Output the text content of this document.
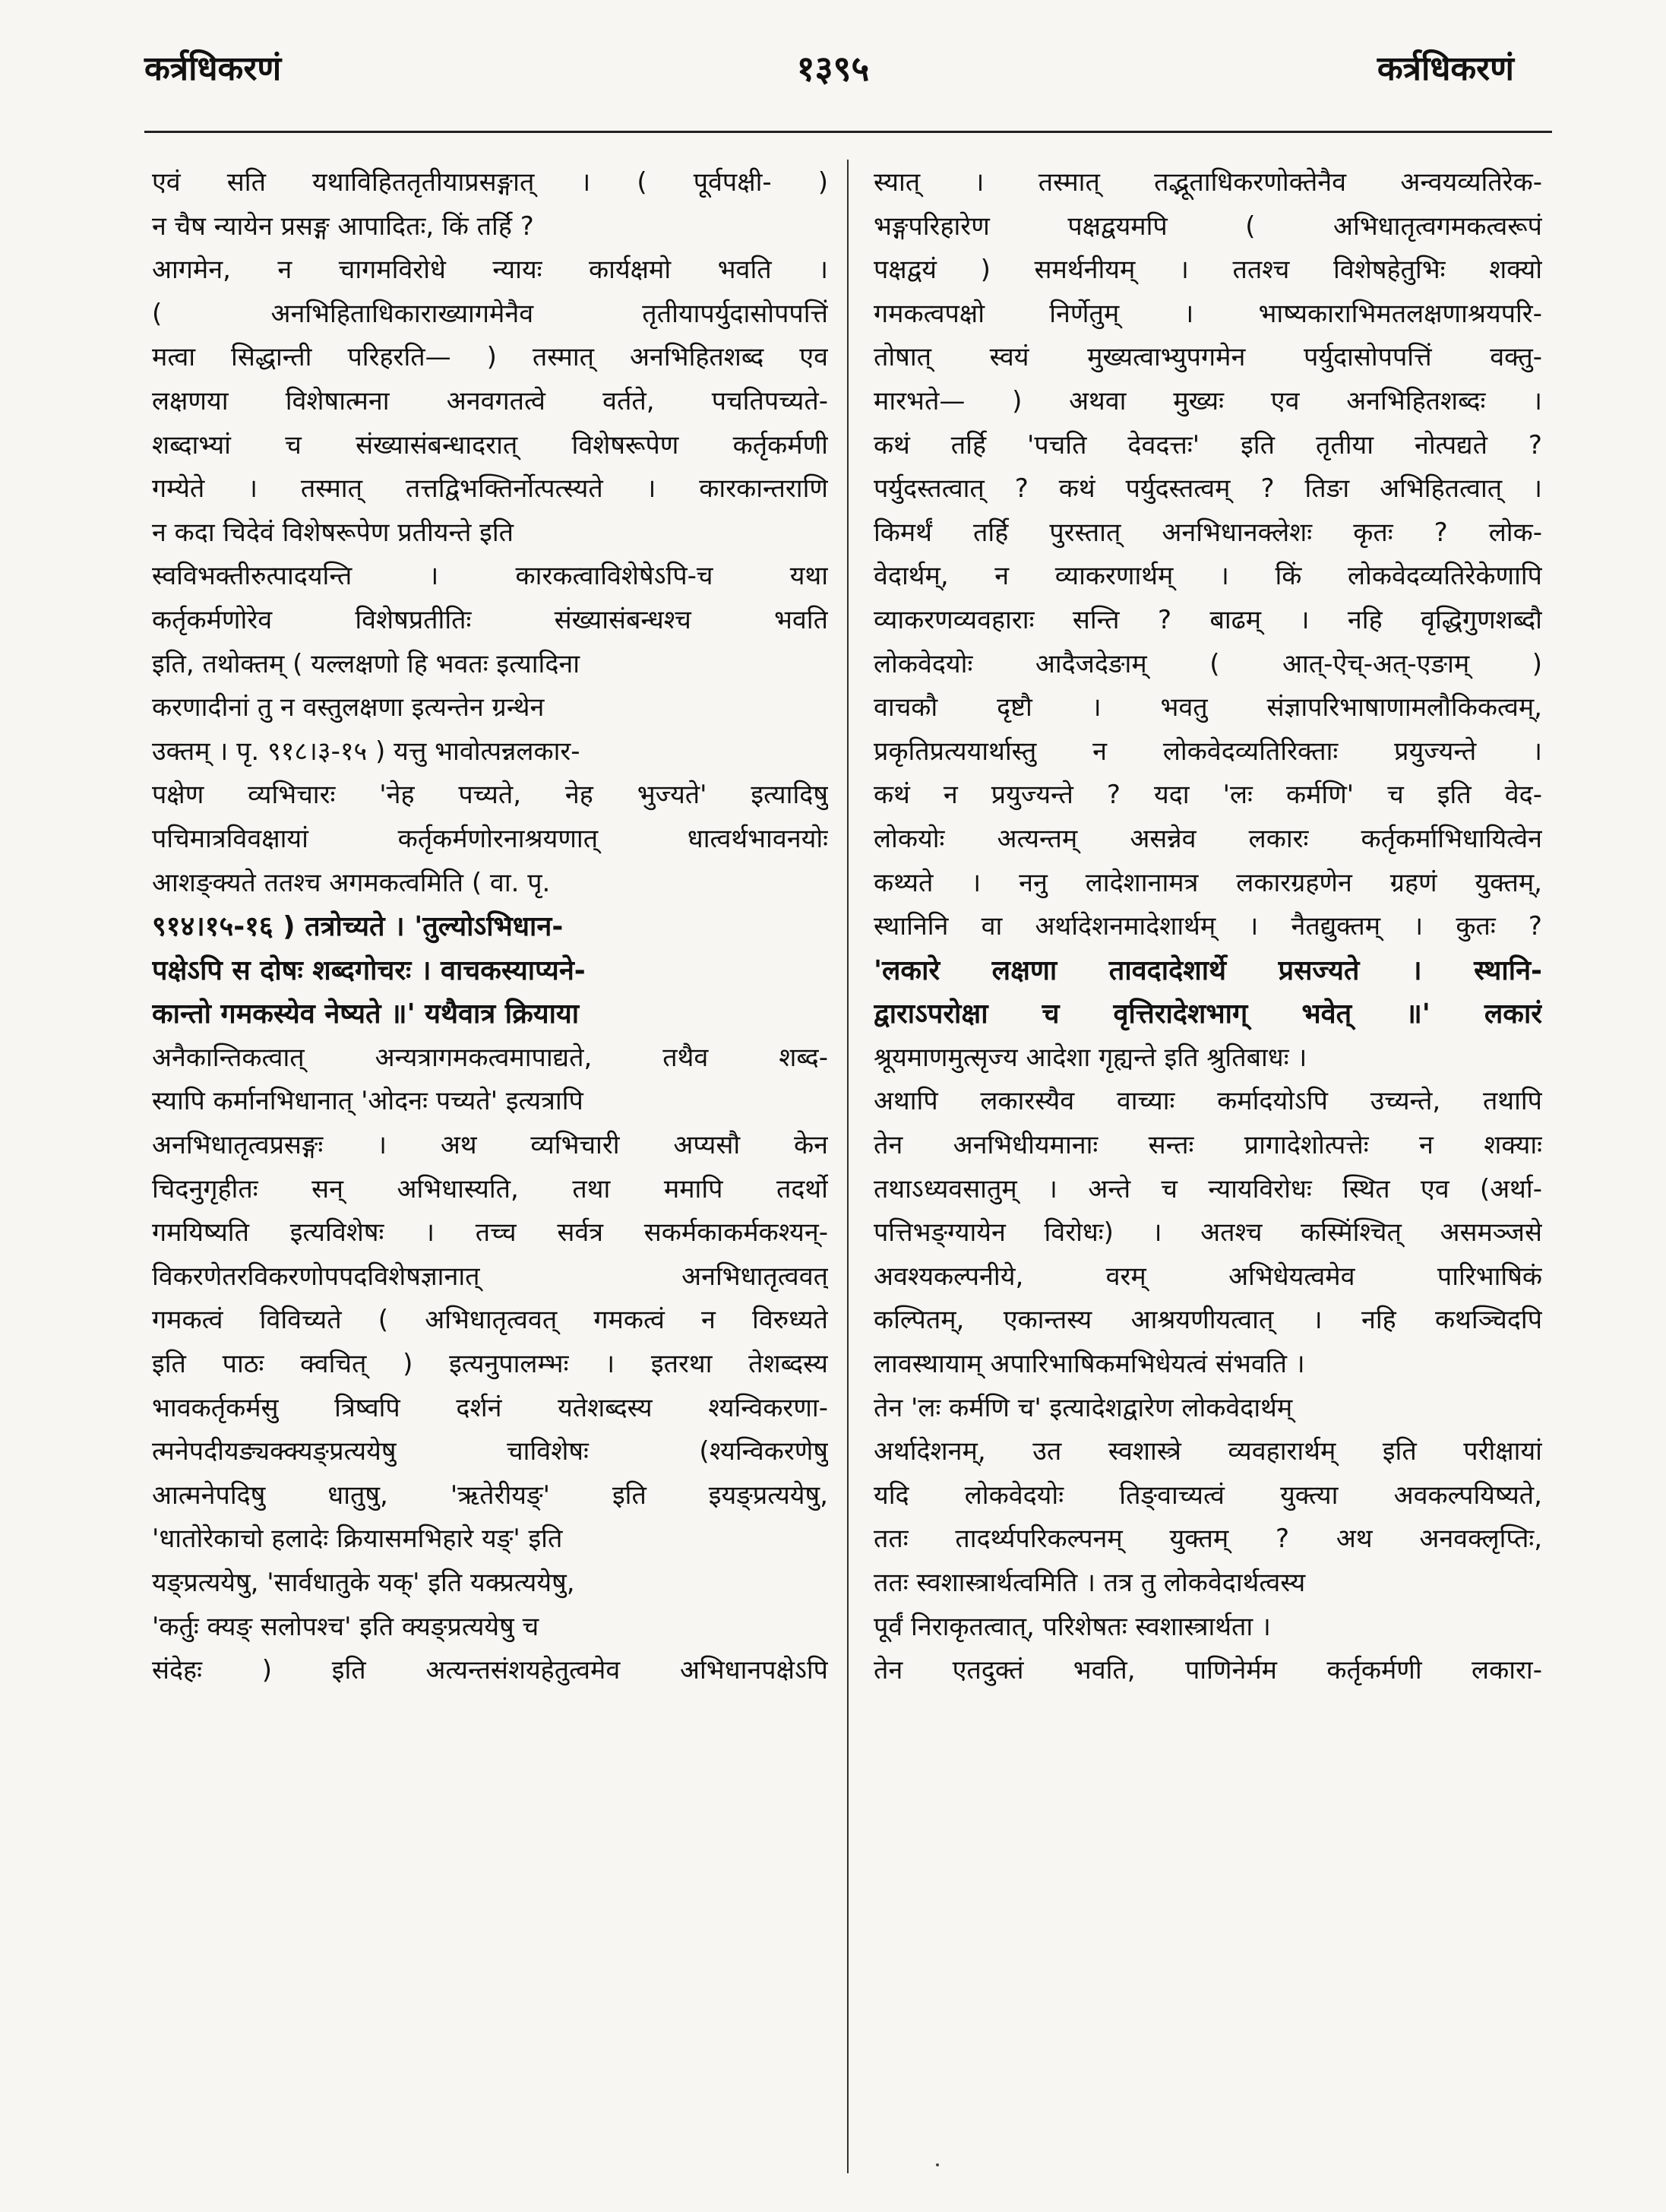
कर्त्रधिकरणं	१३९५	कर्त्रधिकरणं
एवं सति यथाविहिततृतीयाप्रसङ्गात् । ( पूर्वपक्षी- )
न चैष न्यायेन प्रसङ्ग आपादितः, किं तर्हि ?
आगमेन, न चागमविरोधे न्यायः कार्यक्षमो भवति ।
( अनभिहिताधिकाराख्यागमेनैव तृतीयापर्युदासोपपत्तिं
मत्वा सिद्धान्ती परिहरति— ) तस्मात् अनभिहितशब्द एव
लक्षणया विशेषात्मना अनवगतत्वे वर्तते, पचतिपच्यते-
शब्दाभ्यां च संख्यासंबन्धादरात् विशेषरूपेण कर्तृकर्मणी
गम्येते । तस्मात् तत्तद्विभक्तिर्नोत्पत्स्यते । कारकान्तराणि
न कदा चिदेवं विशेषरूपेण प्रतीयन्ते इति
स्वविभक्तीरुत्पादयन्ति । कारकत्वाविशेषेऽपि-च यथा
कर्तृकर्मणोरेव विशेषप्रतीतिः संख्यासंबन्धश्च भवति
इति, तथोक्तम् ( यल्लक्षणो हि भवतः इत्यादिना
करणादीनां तु न वस्तुलक्षणा इत्यन्तेन ग्रन्थेन
उक्तम् । पृ. ९१८।३-१५ ) यत्तु भावोत्पन्नलकार-
पक्षेण व्यभिचारः 'नेह पच्यते, नेह भुज्यते' इत्यादिषु
पचिमात्रविवक्षायां कर्तृकर्मणोरनाश्रयणात् धात्वर्थभावनयोः
आशङ्क्यते ततश्च अगमकत्वमिति ( वा. पृ.
९१४।१५-१६ ) तत्रोच्यते । 'तुल्योऽभिधान-
पक्षेऽपि स दोषः शब्दगोचरः । वाचकस्याप्यने-
कान्तो गमकस्येव नेष्यते ॥' यथैवात्र क्रियाया
अनैकान्तिकत्वात् अन्यत्रागमकत्वमापाद्यते, तथैव शब्द-
स्यापि कर्मानभिधानात् 'ओदनः पच्यते' इत्यत्रापि
अनभिधातृत्वप्रसङ्गः । अथ व्यभिचारी अप्यसौ केन
चिदनुगृहीतः सन् अभिधास्यति, तथा ममापि तदर्थो
गमयिष्यति इत्यविशेषः । तच्च सर्वत्र सकर्मकाकर्मकश्यन्-
विकरणेतरविकरणोपपदविशेषज्ञानात् अनभिधातृत्ववत्
गमकत्वं विविच्यते ( अभिधातृत्ववत् गमकत्वं न विरुध्यते
इति पाठः क्वचित् ) इत्यनुपालम्भः । इतरथा तेशब्दस्य
भावकर्तृकर्मसु त्रिष्वपि दर्शनं यतेशब्दस्य श्यन्विकरणा-
त्मनेपदीयङ्यक्क्यङ्प्रत्ययेषु चाविशेषः (श्यन्विकरणेषु
आत्मनेपदिषु धातुषु, 'ऋतेरीयङ्' इति इयङ्प्रत्ययेषु,
'धातोरेकाचो हलादेः क्रियासमभिहारे यङ्' इति
यङ्प्रत्ययेषु, 'सार्वधातुके यक्' इति यक्प्रत्ययेषु,
'कर्तुः क्यङ् सलोपश्च' इति क्यङ्प्रत्ययेषु च
संदेहः ) इति अत्यन्तसंशयहेतुत्वमेव अभिधानपक्षेऽपि
स्यात् । तस्मात् तद्भूताधिकरणोक्तेनैव अन्वयव्यतिरेक-
भङ्गपरिहारेण पक्षद्वयमपि ( अभिधातृत्वगमकत्वरूपं
पक्षद्वयं ) समर्थनीयम् । ततश्च विशेषहेतुभिः शक्यो
गमकत्वपक्षो निर्णेतुम् । भाष्यकाराभिमतलक्षणाश्रयपरि-
तोषात् स्वयं मुख्यत्वाभ्युपगमेन पर्युदासोपपत्तिं वक्तु-
मारभते— ) अथवा मुख्यः एव अनभिहितशब्दः ।
कथं तर्हि 'पचति देवदत्तः' इति तृतीया नोत्पद्यते ?
पर्युदस्तत्वात् ? कथं पर्युदस्तत्वम् ? तिङा अभिहितत्वात् ।
किमर्थं तर्हि पुरस्तात् अनभिधानक्लेशः कृतः ? लोक-
वेदार्थम्, न व्याकरणार्थम् । किं लोकवेदव्यतिरेकेणापि
व्याकरणव्यवहाराः सन्ति ? बाढम् । नहि वृद्धिगुणशब्दौ
लोकवेदयोः आदैजदेङाम् ( आत्-ऐच्-अत्-एङाम् )
वाचकौ दृष्टौ । भवतु संज्ञापरिभाषाणामलौकिकत्वम्,
प्रकृतिप्रत्ययार्थास्तु न लोकवेदव्यतिरिक्ताः प्रयुज्यन्ते ।
कथं न प्रयुज्यन्ते ? यदा 'लः कर्मणि' च इति वेद-
लोकयोः अत्यन्तम् असन्नेव लकारः कर्तृकर्माभिधायित्वेन
कथ्यते । ननु लादेशानामत्र लकारग्रहणेन ग्रहणं युक्तम्,
स्थानिनि वा अर्थादेशनमादेशार्थम् । नैतद्युक्तम् । कुतः ?
'लकारे लक्षणा तावदादेशार्थे प्रसज्यते । स्थानि-
द्वाराऽपरोक्षा च वृत्तिरादेशभाग् भवेत् ॥' लकारं
श्रूयमाणमुत्सृज्य आदेशा गृह्यन्ते इति श्रुतिबाधः ।
अथापि लकारस्यैव वाच्याः कर्मादयोऽपि उच्यन्ते, तथापि
तेन अनभिधीयमानाः सन्तः प्रागादेशोत्पत्तेः न शक्याः
तथाऽध्यवसातुम् । अन्ते च न्यायविरोधः स्थित एव (अर्था-
पत्तिभङ्ग्यायेन विरोधः) । अतश्च कस्मिंश्चित् असमञ्जसे
अवश्यकल्पनीये, वरम् अभिधेयत्वमेव पारिभाषिकं
कल्पितम्, एकान्तस्य आश्रयणीयत्वात् । नहि कथञ्चिदपि
लावस्थायाम् अपारिभाषिकमभिधेयत्वं संभवति ।
तेन 'लः कर्मणि च' इत्यादेशद्वारेण लोकवेदार्थम्
अर्थादेशनम्, उत स्वशास्त्रे व्यवहारार्थम् इति परीक्षायां
यदि लोकवेदयोः तिङ्वाच्यत्वं युक्त्या अवकल्पयिष्यते,
ततः तादर्थ्यपरिकल्पनम् युक्तम् ? अथ अनवक्लृप्तिः,
ततः स्वशास्त्रार्थत्वमिति । तत्र तु लोकवेदार्थत्वस्य
पूर्वं निराकृतत्वात्, परिशेषतः स्वशास्त्रार्थता ।
तेन एतदुक्तं भवति, पाणिनेर्मम कर्तृकर्मणी लकारा-
